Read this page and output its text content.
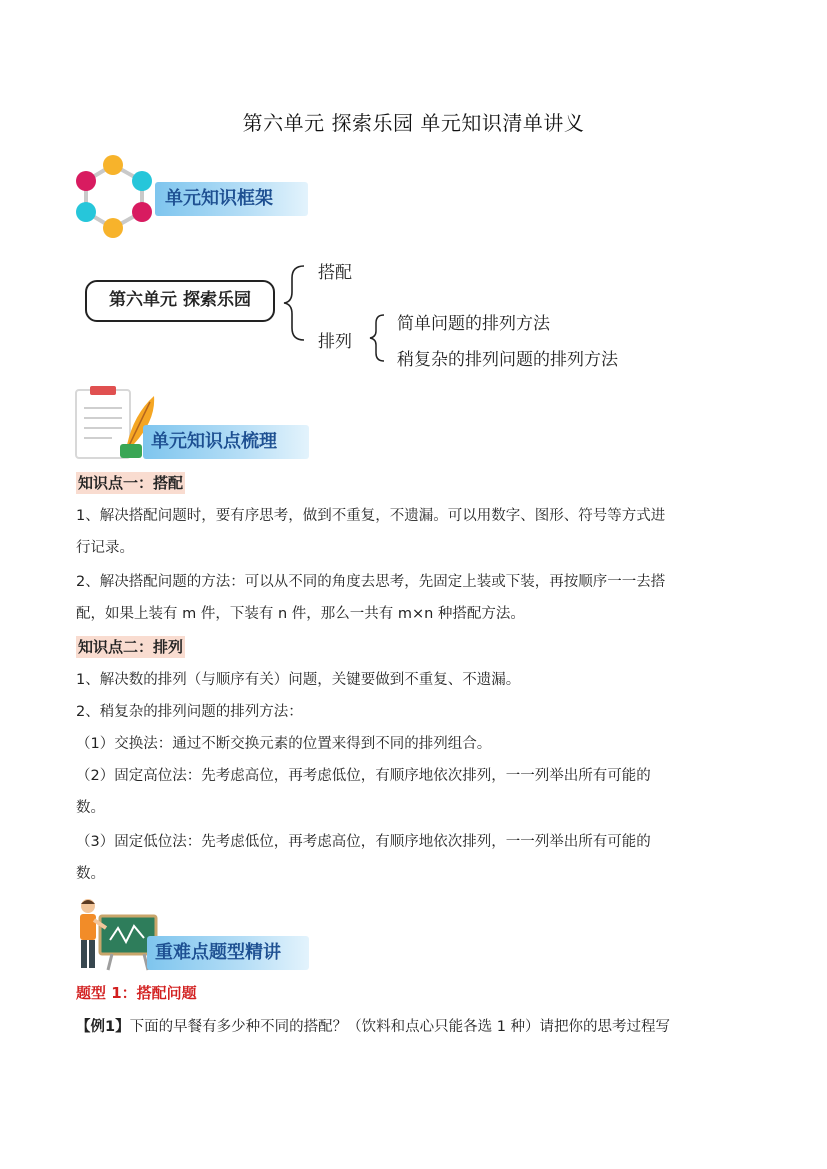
第六单元 探索乐园 单元知识清单讲义
单元知识框架
第六单元 探索乐园
搭配
排列
简单问题的排列方法
稍复杂的排列问题的排列方法
单元知识点梳理
知识点一：搭配
1、解决搭配问题时，要有序思考，做到不重复，不遗漏。可以用数字、图形、符号等方式进
行记录。
2、解决搭配问题的方法：可以从不同的角度去思考，先固定上装或下装，再按顺序一一去搭
配，如果上装有 m 件，下装有 n 件，那么一共有 m×n 种搭配方法。
知识点二：排列
1、解决数的排列（与顺序有关）问题，关键要做到不重复、不遗漏。
2、稍复杂的排列问题的排列方法：
（1）交换法：通过不断交换元素的位置来得到不同的排列组合。
（2）固定高位法：先考虑高位，再考虑低位，有顺序地依次排列，一一列举出所有可能的
数。
（3）固定低位法：先考虑低位，再考虑高位，有顺序地依次排列，一一列举出所有可能的
数。
重难点题型精讲
题型 1：搭配问题
【例1】下面的早餐有多少种不同的搭配？（饮料和点心只能各选 1 种）请把你的思考过程写
